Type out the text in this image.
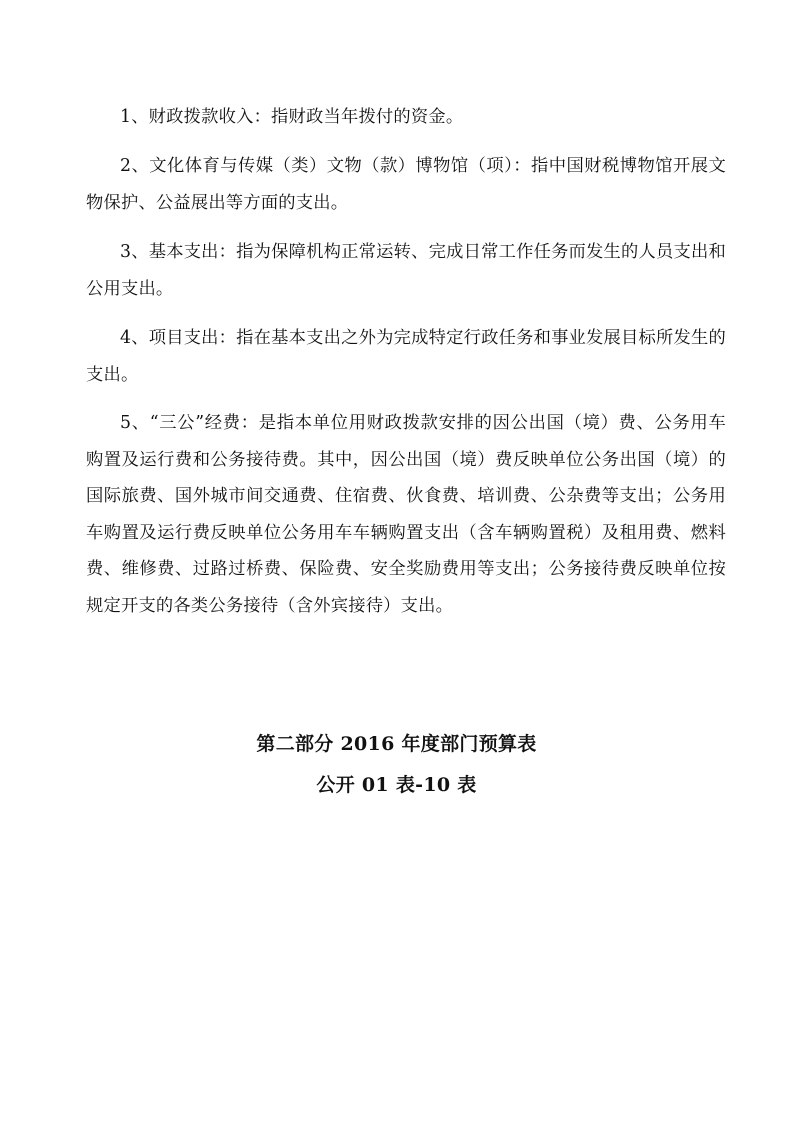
1、财政拨款收入：指财政当年拨付的资金。

2、文化体育与传媒（类）文物（款）博物馆（项）：指中国财税博物馆开展文物保护、公益展出等方面的支出。

3、基本支出：指为保障机构正常运转、完成日常工作任务而发生的人员支出和公用支出。

4、项目支出：指在基本支出之外为完成特定行政任务和事业发展目标所发生的支出。

5、“三公”经费：是指本单位用财政拨款安排的因公出国（境）费、公务用车购置及运行费和公务接待费。其中，因公出国（境）费反映单位公务出国（境）的国际旅费、国外城市间交通费、住宿费、伙食费、培训费、公杂费等支出；公务用车购置及运行费反映单位公务用车车辆购置支出（含车辆购置税）及租用费、燃料费、维修费、过路过桥费、保险费、安全奖励费用等支出；公务接待费反映单位按规定开支的各类公务接待（含外宾接待）支出。

第二部分 2016 年度部门预算表
公开 01 表-10 表
